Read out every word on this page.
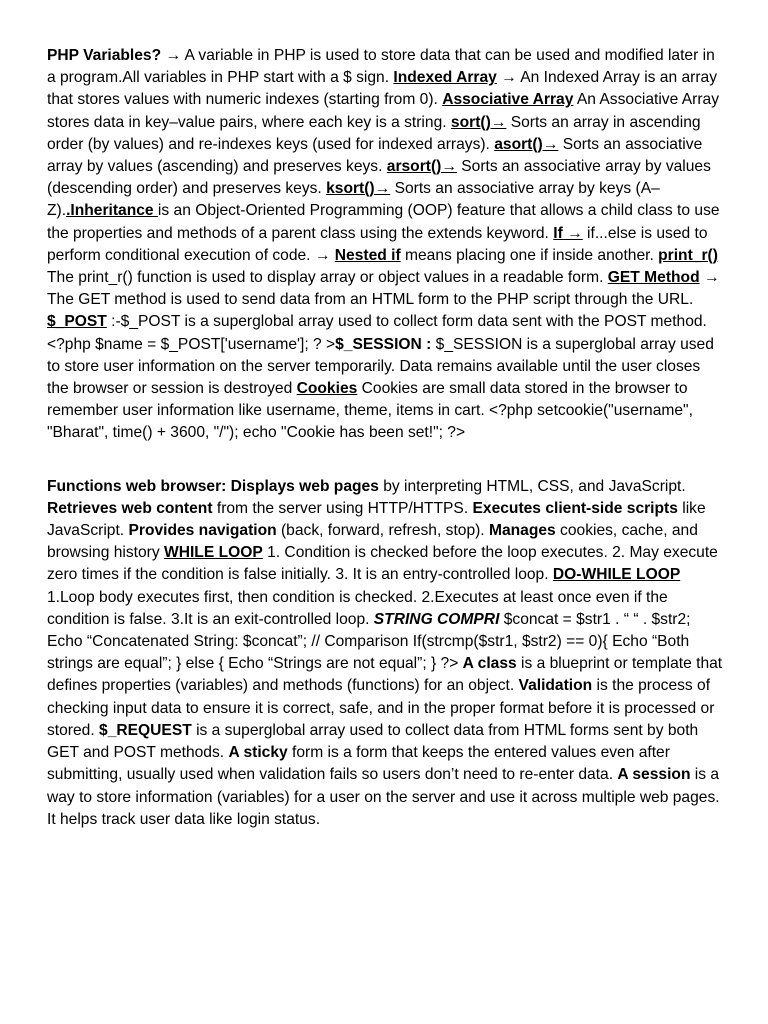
PHP Variables? → A variable in PHP is used to store data that can be used and modified later in a program.All variables in PHP start with a $ sign. Indexed Array → An Indexed Array is an array that stores values with numeric indexes (starting from 0). Associative Array An Associative Array stores data in key–value pairs, where each key is a string. sort()→ Sorts an array in ascending order (by values) and re-indexes keys (used for indexed arrays). asort()→ Sorts an associative array by values (ascending) and preserves keys. arsort()→ Sorts an associative array by values (descending order) and preserves keys. ksort()→ Sorts an associative array by keys (A–Z)..Inheritance is an Object-Oriented Programming (OOP) feature that allows a child class to use the properties and methods of a parent class using the extends keyword. If → if...else is used to perform conditional execution of code. → Nested if means placing one if inside another. print_r() The print_r() function is used to display array or object values in a readable form. GET Method → The GET method is used to send data from an HTML form to the PHP script through the URL. $_POST :-$_POST is a superglobal array used to collect form data sent with the POST method.<?php $name = $_POST['username']; ? >$_SESSION : $_SESSION is a superglobal array used to store user information on the server temporarily. Data remains available until the user closes the browser or session is destroyed Cookies Cookies are small data stored in the browser to remember user information like username, theme, items in cart. <?php setcookie("username", "Bharat", time() + 3600, "/"); echo "Cookie has been set!"; ?>

Functions web browser: Displays web pages by interpreting HTML, CSS, and JavaScript. Retrieves web content from the server using HTTP/HTTPS. Executes client-side scripts like JavaScript. Provides navigation (back, forward, refresh, stop). Manages cookies, cache, and browsing history WHILE LOOP 1. Condition is checked before the loop executes. 2. May execute zero times if the condition is false initially. 3. It is an entry-controlled loop. DO-WHILE LOOP 1.Loop body executes first, then condition is checked. 2.Executes at least once even if the condition is false. 3.It is an exit-controlled loop. STRING COMPRI $concat = $str1 . “ “ . $str2; Echo “Concatenated String: $concat”; // Comparison If(strcmp($str1, $str2) == 0){ Echo “Both strings are equal”; } else { Echo “Strings are not equal”; } ?> A class is a blueprint or template that defines properties (variables) and methods (functions) for an object. Validation is the process of checking input data to ensure it is correct, safe, and in the proper format before it is processed or stored. $_REQUEST is a superglobal array used to collect data from HTML forms sent by both GET and POST methods. A sticky form is a form that keeps the entered values even after submitting, usually used when validation fails so users don’t need to re-enter data. A session is a way to store information (variables) for a user on the server and use it across multiple web pages. It helps track user data like login status.
